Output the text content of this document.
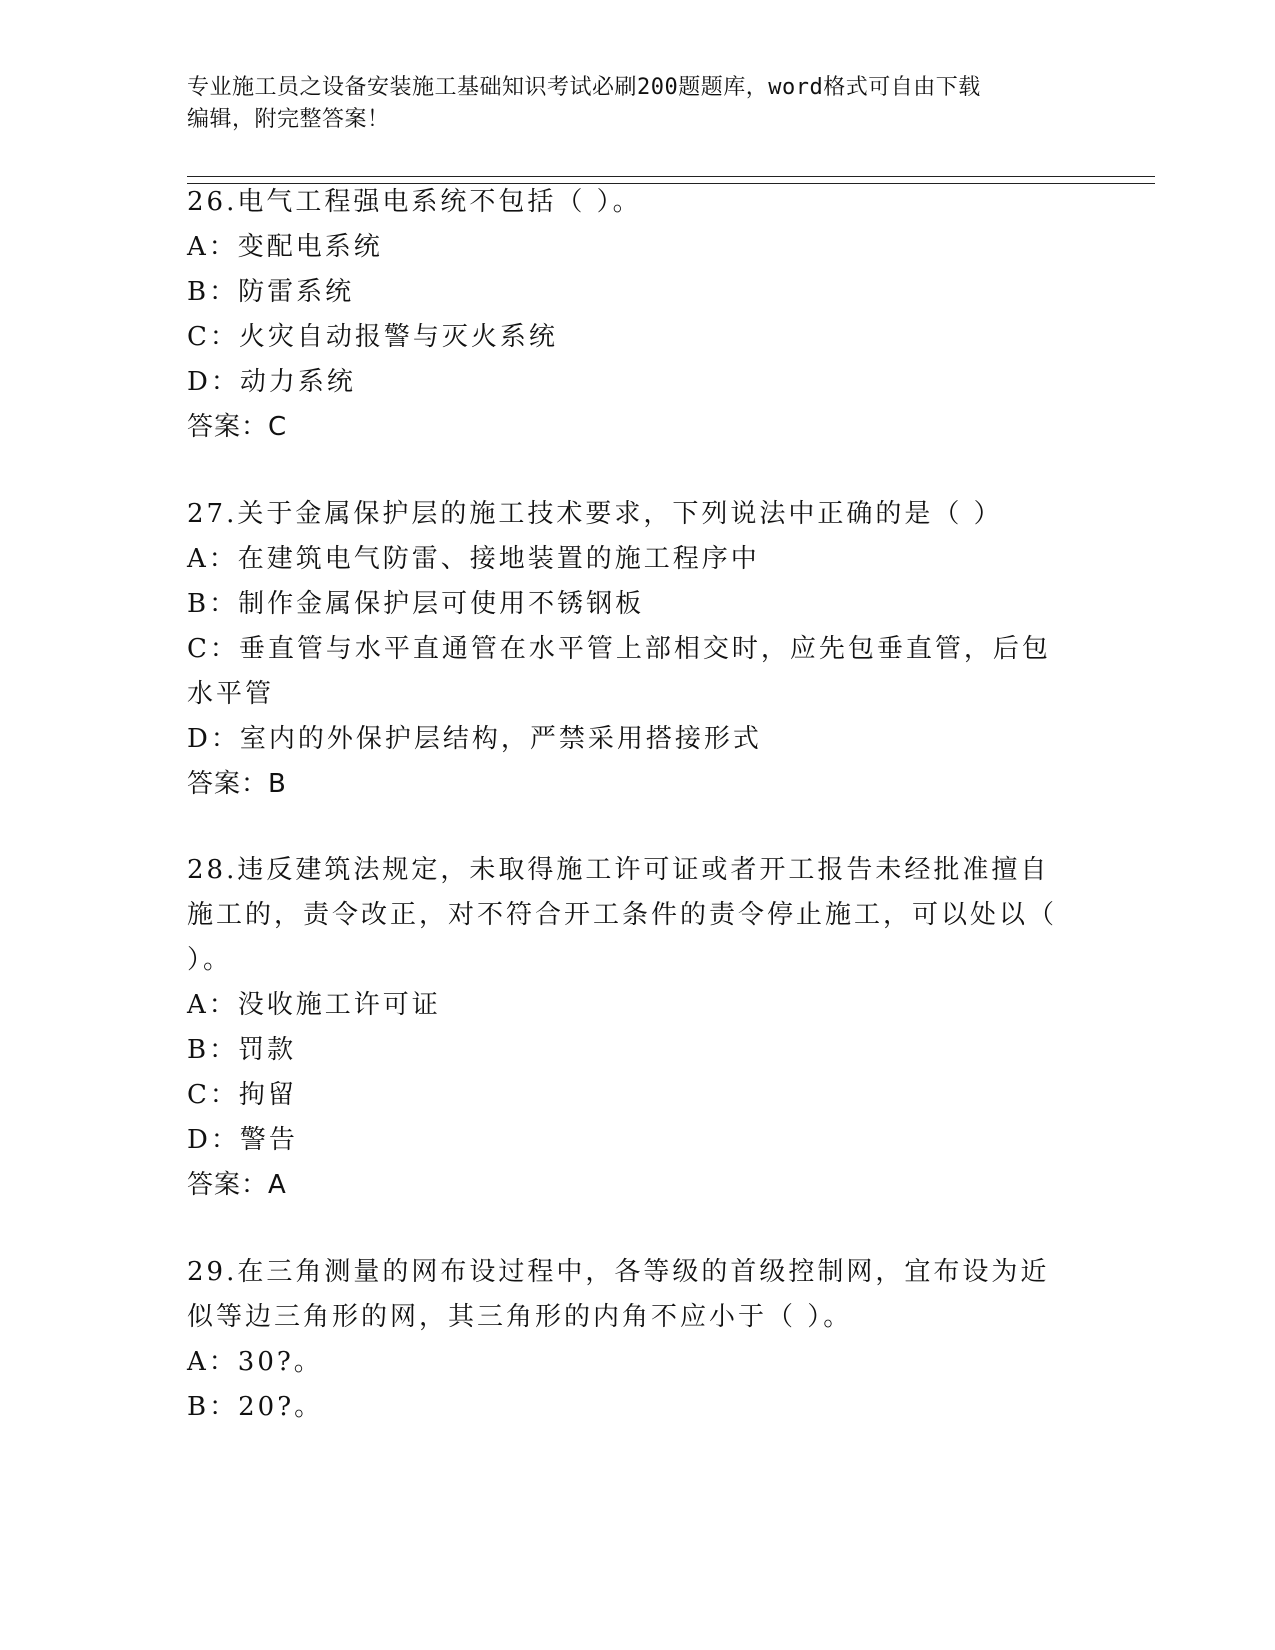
专业施工员之设备安装施工基础知识考试必刷200题题库，word格式可自由下载
编辑，附完整答案！
26.电气工程强电系统不包括（ ）。
A：变配电系统
B：防雷系统
C：火灾自动报警与灭火系统
D：动力系统
答案：C
27.关于金属保护层的施工技术要求，下列说法中正确的是（ ）
A：在建筑电气防雷、接地装置的施工程序中
B：制作金属保护层可使用不锈钢板
C：垂直管与水平直通管在水平管上部相交时，应先包垂直管，后包水平管
D：室内的外保护层结构，严禁采用搭接形式
答案：B
28.违反建筑法规定，未取得施工许可证或者开工报告未经批准擅自施工的，责令改正，对不符合开工条件的责令停止施工，可以处以（ ）。
A：没收施工许可证
B：罚款
C：拘留
D：警告
答案：A
29.在三角测量的网布设过程中，各等级的首级控制网，宜布设为近似等边三角形的网，其三角形的内角不应小于（ ）。
A：30?。
B：20?。
